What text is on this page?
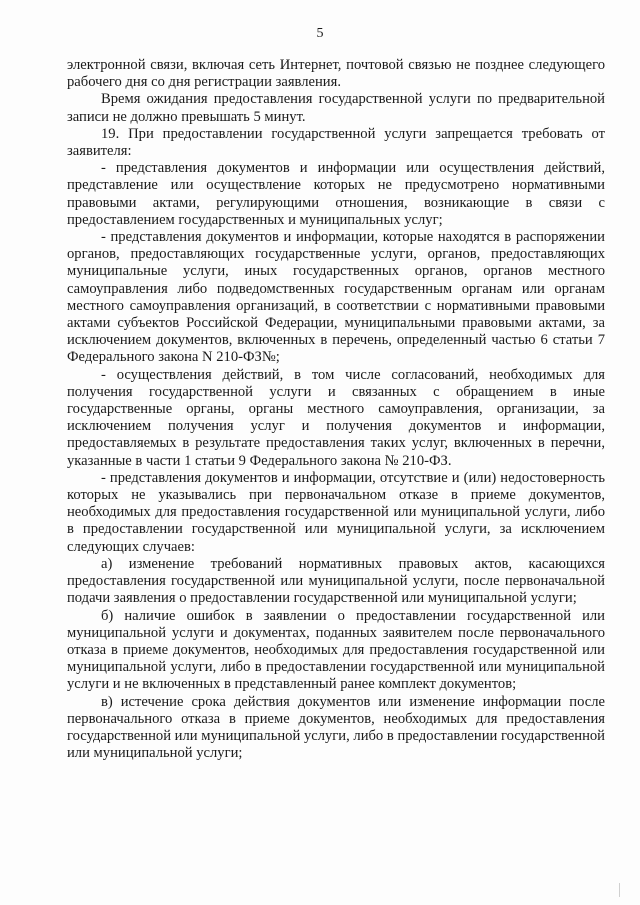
5

электронной связи, включая сеть Интернет, почтовой связью не позднее следующего рабочего дня со дня регистрации заявления.

Время ожидания предоставления государственной услуги по предварительной записи не должно превышать 5 минут.

19. При предоставлении государственной услуги запрещается требовать от заявителя:

- представления документов и информации или осуществления действий, представление или осуществление которых не предусмотрено нормативными правовыми актами, регулирующими отношения, возникающие в связи с предоставлением государственных и муниципальных услуг;

- представления документов и информации, которые находятся в распоряжении органов, предоставляющих государственные услуги, органов, предоставляющих муниципальные услуги, иных государственных органов, органов местного самоуправления либо подведомственных государственным органам или органам местного самоуправления организаций, в соответствии с нормативными правовыми актами субъектов Российской Федерации, муниципальными правовыми актами, за исключением документов, включенных в перечень, определенный частью 6 статьи 7 Федерального закона N 210-ФЗ№;

- осуществления действий, в том числе согласований, необходимых для получения государственной услуги и связанных с обращением в иные государственные органы, органы местного самоуправления, организации, за исключением получения услуг и получения документов и информации, предоставляемых в результате предоставления таких услуг, включенных в перечни, указанные в части 1 статьи 9 Федерального закона № 210-ФЗ.

- представления документов и информации, отсутствие и (или) недостоверность которых не указывались при первоначальном отказе в приеме документов, необходимых для предоставления государственной или муниципальной услуги, либо в предоставлении государственной или муниципальной услуги, за исключением следующих случаев:

а) изменение требований нормативных правовых актов, касающихся предоставления государственной или муниципальной услуги, после первоначальной подачи заявления о предоставлении государственной или муниципальной услуги;

б) наличие ошибок в заявлении о предоставлении государственной или муниципальной услуги и документах, поданных заявителем после первоначального отказа в приеме документов, необходимых для предоставления государственной или муниципальной услуги, либо в предоставлении государственной или муниципальной услуги и не включенных в представленный ранее комплект документов;

в) истечение срока действия документов или изменение информации после первоначального отказа в приеме документов, необходимых для предоставления государственной или муниципальной услуги, либо в предоставлении государственной или муниципальной услуги;
